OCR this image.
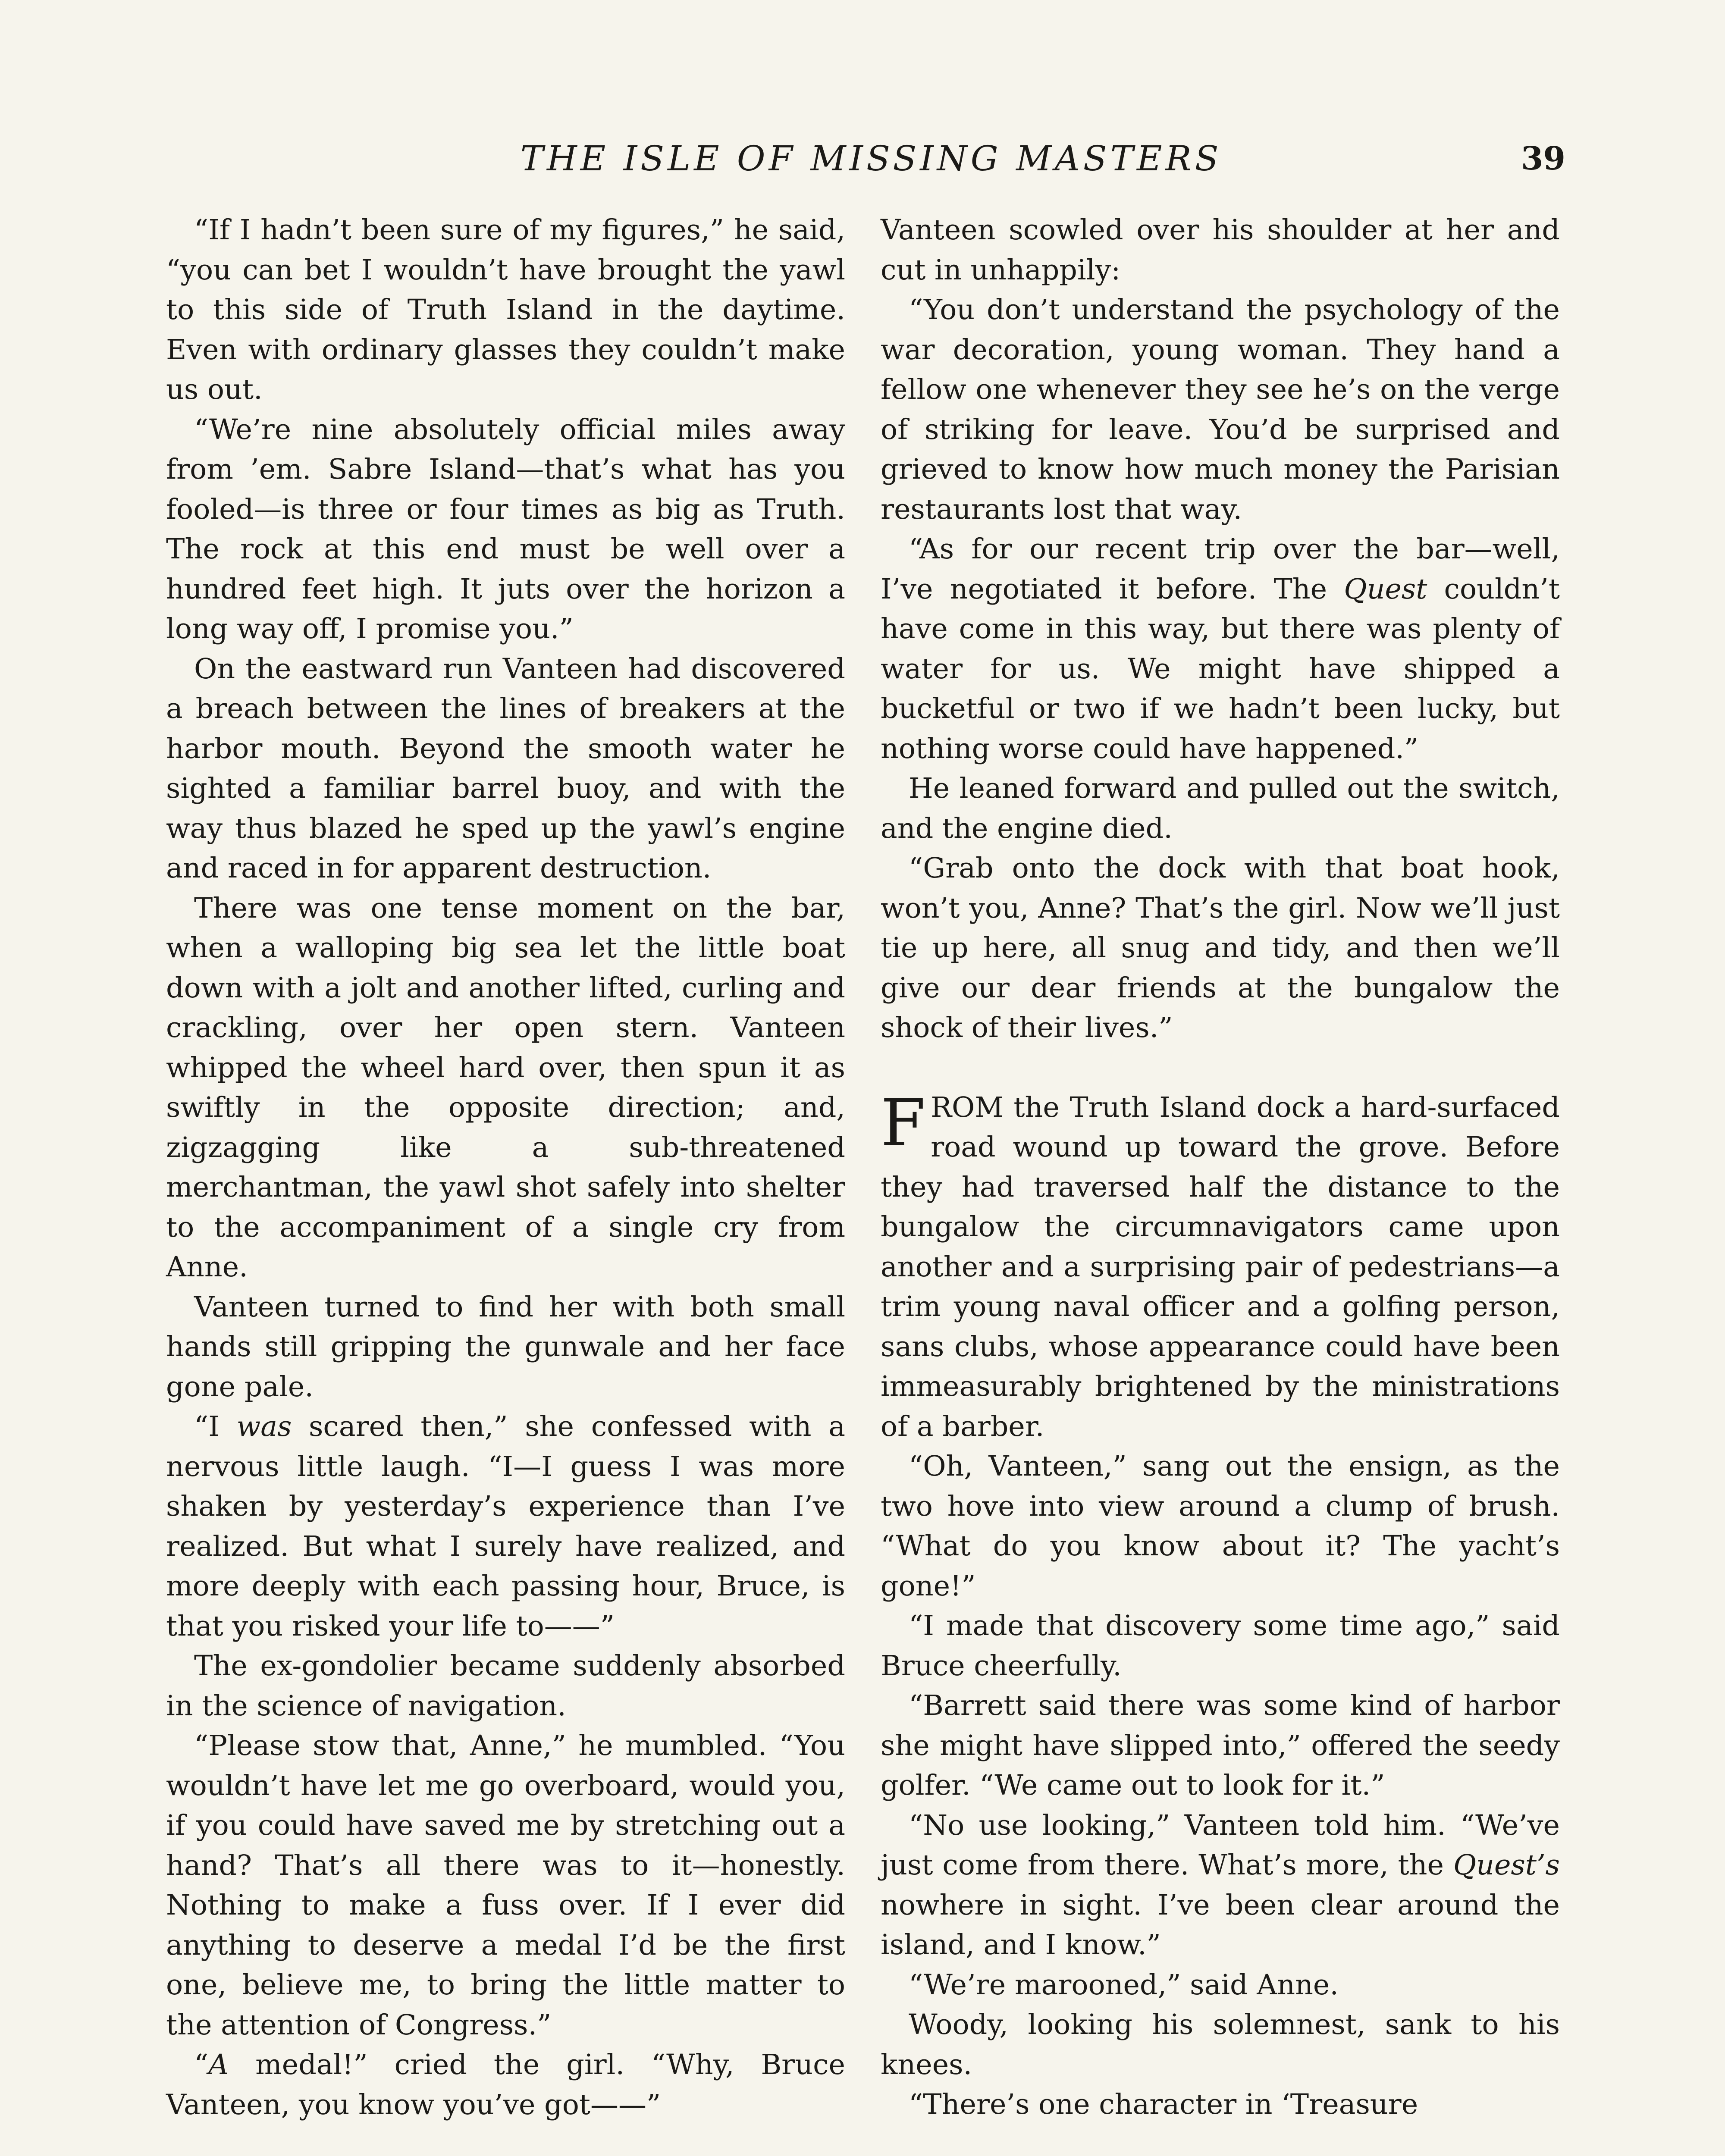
THE ISLE OF MISSING MASTERS	39

“If I hadn’t been sure of my figures,” he said, “you can bet I wouldn’t have brought the yawl to this side of Truth Island in the daytime. Even with ordinary glasses they couldn’t make us out.

“We’re nine absolutely official miles away from ’em. Sabre Island—that’s what has you fooled—is three or four times as big as Truth. The rock at this end must be well over a hundred feet high. It juts over the horizon a long way off, I promise you.”

On the eastward run Vanteen had discovered a breach between the lines of breakers at the harbor mouth. Beyond the smooth water he sighted a familiar barrel buoy, and with the way thus blazed he sped up the yawl’s engine and raced in for apparent destruction.

There was one tense moment on the bar, when a walloping big sea let the little boat down with a jolt and another lifted, curling and crackling, over her open stern. Vanteen whipped the wheel hard over, then spun it as swiftly in the opposite direction; and, zigzagging like a sub-threatened merchantman, the yawl shot safely into shelter to the accompaniment of a single cry from Anne.

Vanteen turned to find her with both small hands still gripping the gunwale and her face gone pale.

“I was scared then,” she confessed with a nervous little laugh. “I—I guess I was more shaken by yesterday’s experience than I’ve realized. But what I surely have realized, and more deeply with each passing hour, Bruce, is that you risked your life to——”

The ex-gondolier became suddenly absorbed in the science of navigation.

“Please stow that, Anne,” he mumbled. “You wouldn’t have let me go overboard, would you, if you could have saved me by stretching out a hand? That’s all there was to it—honestly. Nothing to make a fuss over. If I ever did anything to deserve a medal I’d be the first one, believe me, to bring the little matter to the attention of Congress.”

“A medal!” cried the girl. “Why, Bruce Vanteen, you know you’ve got——”

Vanteen scowled over his shoulder at her and cut in unhappily:

“You don’t understand the psychology of the war decoration, young woman. They hand a fellow one whenever they see he’s on the verge of striking for leave. You’d be surprised and grieved to know how much money the Parisian restaurants lost that way.

“As for our recent trip over the bar—well, I’ve negotiated it before. The Quest couldn’t have come in this way, but there was plenty of water for us. We might have shipped a bucketful or two if we hadn’t been lucky, but nothing worse could have happened.”

He leaned forward and pulled out the switch, and the engine died.

“Grab onto the dock with that boat hook, won’t you, Anne? That’s the girl. Now we’ll just tie up here, all snug and tidy, and then we’ll give our dear friends at the bungalow the shock of their lives.”

FROM the Truth Island dock a hard-surfaced road wound up toward the grove. Before they had traversed half the distance to the bungalow the circumnavigators came upon another and a surprising pair of pedestrians—a trim young naval officer and a golfing person, sans clubs, whose appearance could have been immeasurably brightened by the ministrations of a barber.

“Oh, Vanteen,” sang out the ensign, as the two hove into view around a clump of brush. “What do you know about it? The yacht’s gone!”

“I made that discovery some time ago,” said Bruce cheerfully.

“Barrett said there was some kind of harbor she might have slipped into,” offered the seedy golfer. “We came out to look for it.”

“No use looking,” Vanteen told him. “We’ve just come from there. What’s more, the Quest’s nowhere in sight. I’ve been clear around the island, and I know.”

“We’re marooned,” said Anne.

Woody, looking his solemnest, sank to his knees.

“There’s one character in ‘Treasure
